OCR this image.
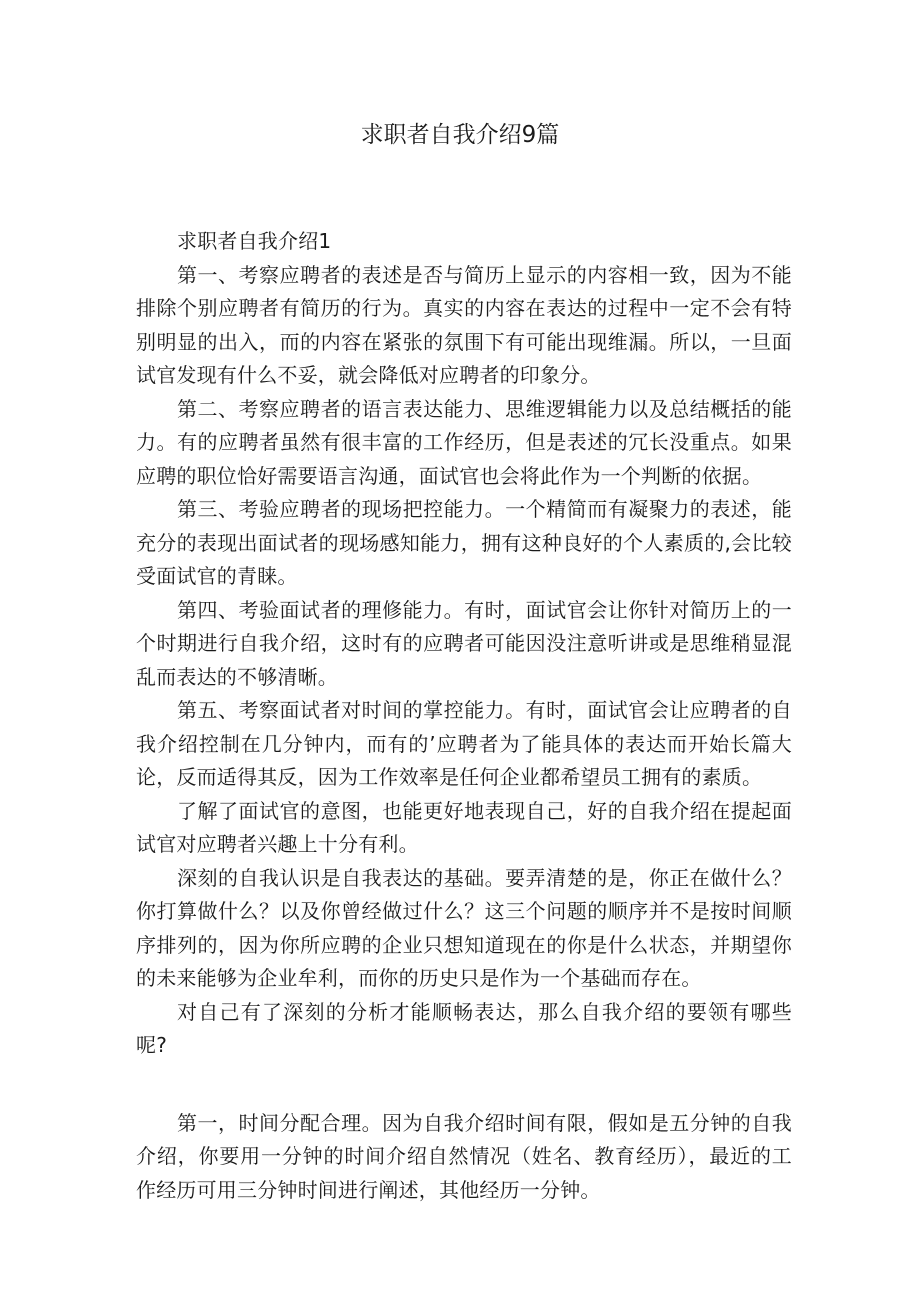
求职者自我介绍9篇

求职者自我介绍1

第一、考察应聘者的表述是否与简历上显示的内容相一致，因为不能排除个别应聘者有简历的行为。真实的内容在表达的过程中一定不会有特别明显的出入，而的内容在紧张的氛围下有可能出现维漏。所以，一旦面试官发现有什么不妥，就会降低对应聘者的印象分。

第二、考察应聘者的语言表达能力、思维逻辑能力以及总结概括的能力。有的应聘者虽然有很丰富的工作经历，但是表述的冗长没重点。如果应聘的职位恰好需要语言沟通，面试官也会将此作为一个判断的依据。

第三、考验应聘者的现场把控能力。一个精简而有凝聚力的表述，能充分的表现出面试者的现场感知能力，拥有这种良好的个人素质的,会比较受面试官的青睐。

第四、考验面试者的理修能力。有时，面试官会让你针对简历上的一个时期进行自我介绍，这时有的应聘者可能因没注意听讲或是思维稍显混乱而表达的不够清晰。

第五、考察面试者对时间的掌控能力。有时，面试官会让应聘者的自我介绍控制在几分钟内，而有的’应聘者为了能具体的表达而开始长篇大论，反而适得其反，因为工作效率是任何企业都希望员工拥有的素质。

了解了面试官的意图，也能更好地表现自己，好的自我介绍在提起面试官对应聘者兴趣上十分有利。

深刻的自我认识是自我表达的基础。要弄清楚的是，你正在做什么？你打算做什么？以及你曾经做过什么？这三个问题的顺序并不是按时间顺序排列的，因为你所应聘的企业只想知道现在的你是什么状态，并期望你的未来能够为企业牟利，而你的历史只是作为一个基础而存在。

对自己有了深刻的分析才能顺畅表达，那么自我介绍的要领有哪些呢?

第一，时间分配合理。因为自我介绍时间有限，假如是五分钟的自我介绍，你要用一分钟的时间介绍自然情况（姓名、教育经历），最近的工作经历可用三分钟时间进行阐述，其他经历一分钟。
